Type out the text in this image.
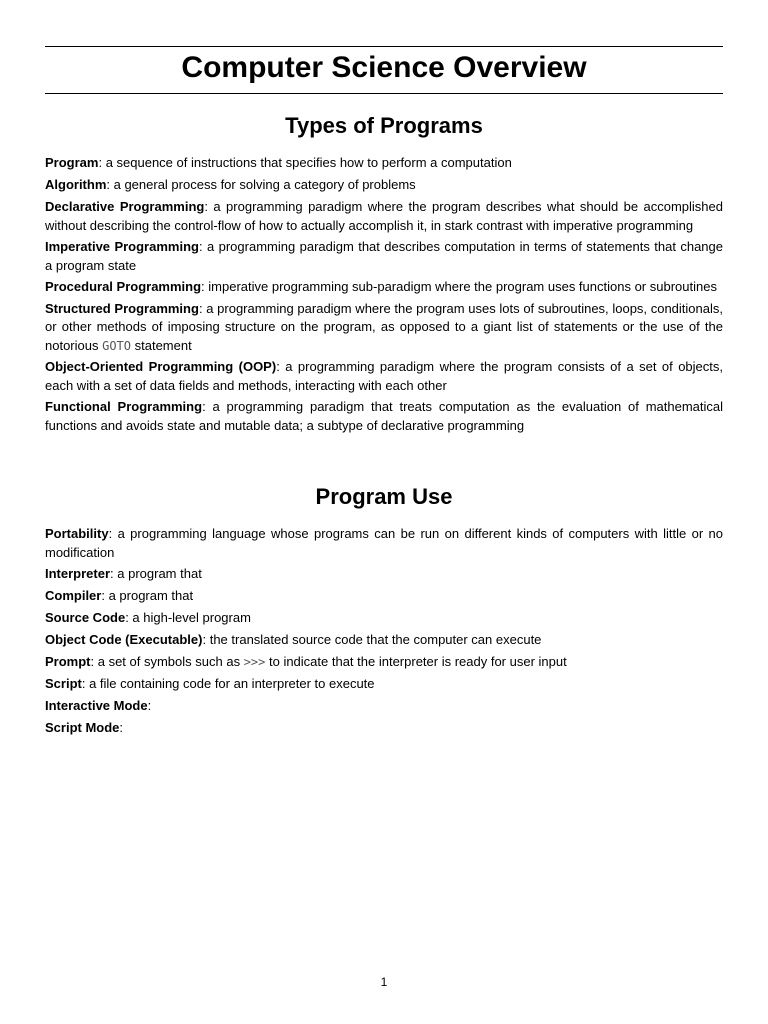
Computer Science Overview
Types of Programs

Program: a sequence of instructions that specifies how to perform a computation

Algorithm: a general process for solving a category of problems

Declarative Programming: a programming paradigm where the program describes what should be accomplished without describing the control-flow of how to actually accomplish it, in stark contrast with imperative programming

Imperative Programming: a programming paradigm that describes computation in terms of statements that change a program state

Procedural Programming: imperative programming sub-paradigm where the program uses functions or subroutines

Structured Programming: a programming paradigm where the program uses lots of subroutines, loops, conditionals, or other methods of imposing structure on the program, as opposed to a giant list of statements or the use of the notorious GOTO statement

Object-Oriented Programming (OOP): a programming paradigm where the program consists of a set of objects, each with a set of data fields and methods, interacting with each other

Functional Programming: a programming paradigm that treats computation as the evaluation of mathematical functions and avoids state and mutable data; a subtype of declarative programming

Program Use

Portability: a programming language whose programs can be run on different kinds of computers with little or no modification

Interpreter: a program that

Compiler: a program that

Source Code: a high-level program

Object Code (Executable): the translated source code that the computer can execute

Prompt: a set of symbols such as >>> to indicate that the interpreter is ready for user input

Script: a file containing code for an interpreter to execute

Interactive Mode:

Script Mode:

1
